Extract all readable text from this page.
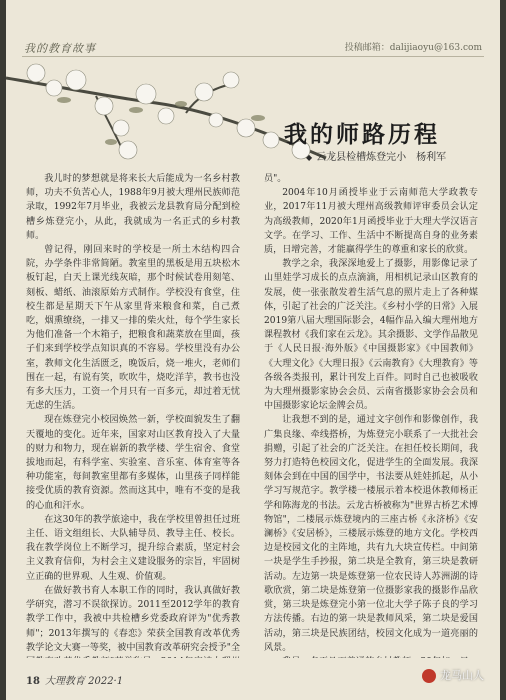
我的教育故事	投稿邮箱：dalijiaoyu@163.com
我的师路历程
◆ 云龙县检槽炼登完小　杨利军

我儿时的梦想就是将来长大后能成为一名乡村教师，功夫不负苦心人，1988年9月被大理州民族师范录取，1992年7月毕业，我被云龙县教育局分配到检槽乡炼登完小，从此，我就成为一名正式的乡村教师。

曾记得，刚回来时的学校是一所土木结构四合院，办学条件非常简陋。教室里的黑板是用五块松木板钉起，白天上课光线灰暗，那个时候试卷用刻笔、刻板、蜡纸、油滚原始方式制作。学校没有食堂，住校生都是星期天下午从家里背来粮食和菜，自己煮吃，烟熏缭绕，一排又一排的柴火灶，每个学生家长为他们准备一个木箱子，把粮食和蔬菜放在里面，孩子们来到学校学点知识真的不容易。学校里没有办公室，教师文化生活匮乏，晚饭后，烧一堆火，老师们围在一起，有说有笑，吹吹牛，烧吃洋芋，教书也没有多大压力，工资一个月只有一百多元，却过着无忧无虑的生活。

现在炼登完小校园焕然一新，学校面貌发生了翻天覆地的变化。近年来，国家对山区教育投入了大量的财力和物力，现在崭新的教学楼、学生宿舍、食堂拔地而起，有科学室、实验室、音乐室、体育室等各种功能室，每间教室里都有多媒体，山里孩子同样能接受优质的教育资源。然而这其中，唯有不变的是我的心血和汗水。

在这30年的教学旅途中，我在学校里曾担任过班主任、语文组组长、大队辅导员、教导主任、校长。我在教学岗位上不断学习，提升综合素质，坚定村会主义教育信仰，为村会主义建设服务的宗旨，牢固树立正确的世界观、人生观、价值观。

在做好教书育人本职工作的同时，我认真做好教学研究，潜习不误欲探访。2011至2012学年的教育教学工作中，我被中共检槽乡党委政府评为"优秀教师"；2013年撰写的《春恋》荣获全国教育改革优秀教学论文大赛一等奖，被中国教育改革研究会授予"全

员"。

2004年10月函授毕业于云南师范大学政教专业，2017年11月被大理州高级教师评审委员会认定为高级教师，2020年1月函授毕业于大理大学汉语言文学。在学习、工作、生活中不断提高自身的业务素质，日增完善，才能赢得学生的尊重和家长的欣赏。

教学之余，我深深地爱上了摄影，用影像记录了山里娃学习成长的点点滴滴，用相机记录山区教育的发展，使一张张散发着生活气息的照片走上了各种媒体，引起了社会的广泛关注。《乡村小学的日常》入展2019第八届大理国际影会，4幅作品入编大理州地方课程教材《我们家在云龙》。其余摄影、文学作品散见于《人民日报·海外版》《中国摄影家》《中国教师》《大理文化》《大理日报》《云南教育》《大理教育》等各级各类报刊，累计刊发上百件。同时自己也被吸收为大理州摄影家协会会员、云南省摄影家协会会员和中国摄影家论坛金牌会员。

让我想不到的是，通过文字创作和影像创作，我广集良缘、牵线搭桥，为炼登完小联系了一大批社会捐赠，引起了社会的广泛关注。在担任校长期间，我努力打造特色校园文化，促进学生的全面发展。我深刻体会到在中国的国学中，书法要从娃娃抓起，从小学习写规范字。教学楼一楼展示着本校退休教师杨正学和陈海龙的书法。云龙古桥被称为"世界古桥艺术博物馆"，二楼展示炼登境内的三座古桥《永济桥》《安澜桥》《安居桥》，三楼展示炼登的地方文化。学校西边是校园文化的主阵地，共有九大块宣传栏。中间第一块是学生手抄报，第二块是全教育，第三块是教研活动。左边第一块是炼登第一位农民诗人苏洲湖的诗歌欣赏，第二块是炼登第一位摄影家我的摄影作品欣赏，第三块是炼登完小第一位北大学子陈子良的学习方法传播。右边的第一块是教师风采，第二块是爱国活动，第三块是民族团结，校园文化成为一道亮丽的风景。

18 大理教育 2022·1	龙马山人
